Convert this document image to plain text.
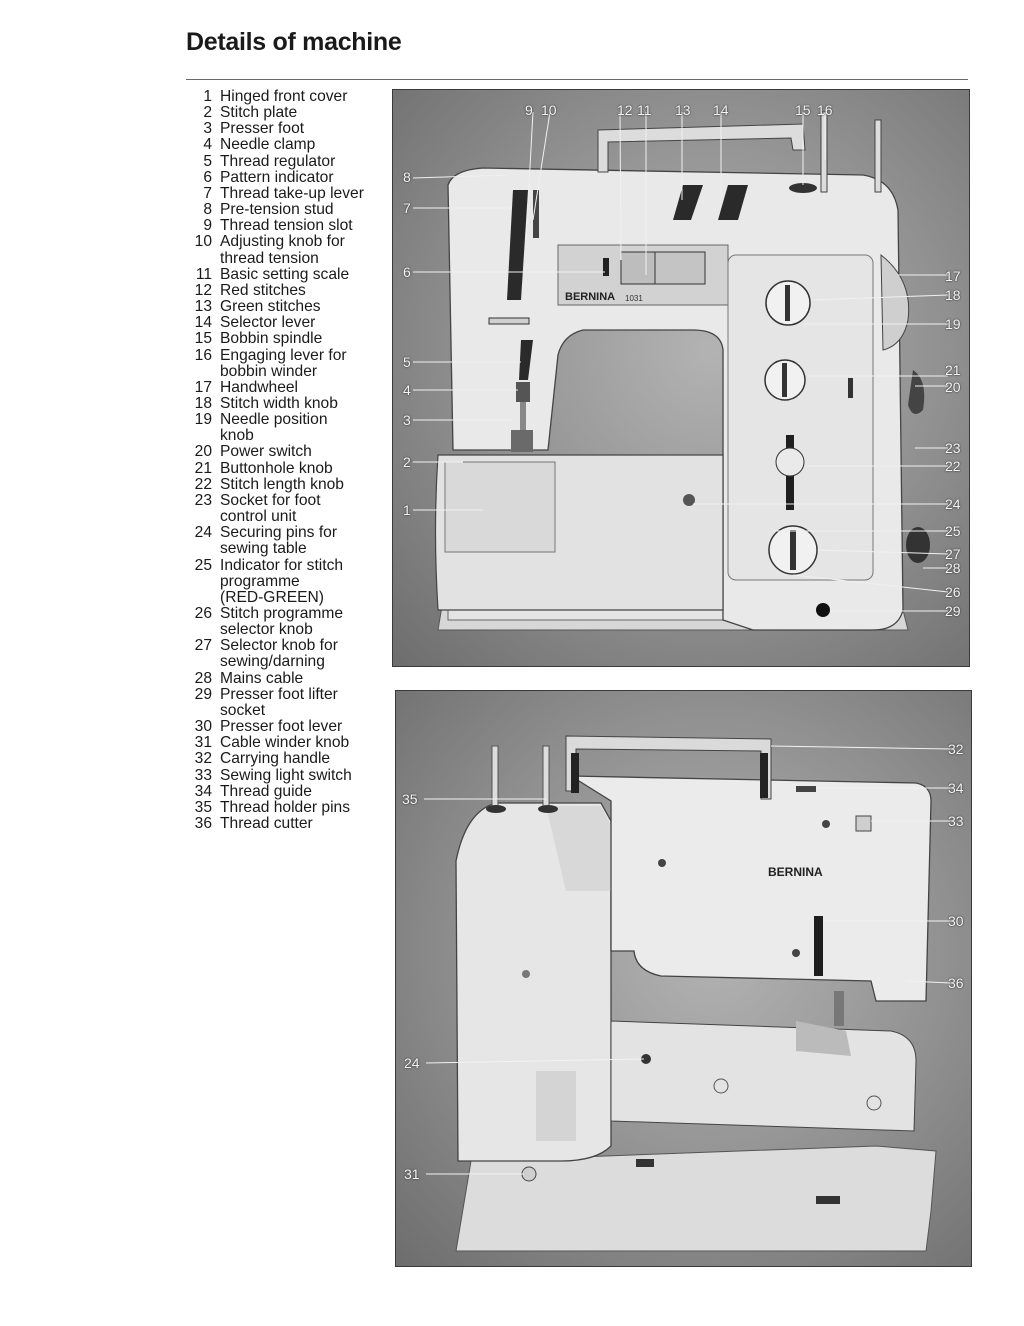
Details of machine
1 Hinged front cover
2 Stitch plate
3 Presser foot
4 Needle clamp
5 Thread regulator
6 Pattern indicator
7 Thread take-up lever
8 Pre-tension stud
9 Thread tension slot
10 Adjusting knob for
thread tension
11 Basic setting scale
12 Red stitches
13 Green stitches
14 Selector lever
15 Bobbin spindle
16 Engaging lever for
bobbin winder
17 Handwheel
18 Stitch width knob
19 Needle position
knob
20 Power switch
21 Buttonhole knob
22 Stitch length knob
23 Socket for foot
control unit
24 Securing pins for
sewing table
25 Indicator for stitch
programme
(RED-GREEN)
26 Stitch programme
selector knob
27 Selector knob for
sewing/darning
28 Mains cable
29 Presser foot lifter
socket
30 Presser foot lever
31 Cable winder knob
32 Carrying handle
33 Sewing light switch
34 Thread guide
35 Thread holder pins
36 Thread cutter
BERNINA 1031
9 10	12 11 13 14	15 16
8
7
6
5
4
3
2
1
17
18
19
21
20
23
22
24
25
27
28
26
29
BERNINA
32
34
35
33
30
36
24
31
